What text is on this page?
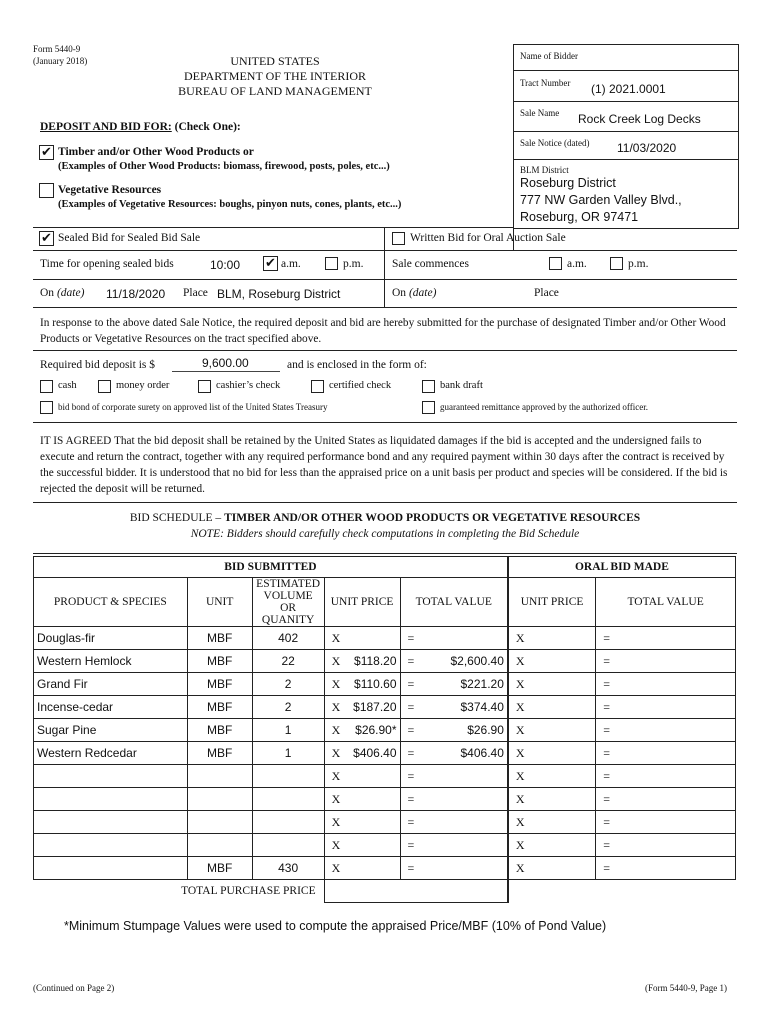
Form 5440-9
(January 2018)	UNITED STATES
DEPARTMENT OF THE INTERIOR
BUREAU OF LAND MANAGEMENT
Name of Bidder
Tract Number (1) 2021.0001
Sale Name Rock Creek Log Decks
Sale Notice (dated) 11/03/2020
BLM District
Roseburg District
777 NW Garden Valley Blvd.,
Roseburg, OR 97471
DEPOSIT AND BID FOR: (Check One):
✔ Timber and/or Other Wood Products or
(Examples of Other Wood Products: biomass, firewood, posts, poles, etc...)
Vegetative Resources
(Examples of Vegetative Resources: boughs, pinyon nuts, cones, plants, etc...)
✔ Sealed Bid for Sealed Bid Sale	Written Bid for Oral Auction Sale
Time for opening sealed bids	10:00 ✔ a.m.	p.m. Sale commences	a.m.	p.m.
On (date) 11/18/2020 Place BLM, Roseburg District	On (date)	Place
In response to the above dated Sale Notice, the required deposit and bid are hereby submitted for the purchase of designated Timber and/or Other Wood Products or Vegetative Resources on the tract specified above.
Required bid deposit is $	9,600.00	and is enclosed in the form of:
cash	money order	cashier’s check	certified check	bank draft
bid bond of corporate surety on approved list of the United States Treasury	guaranteed remittance approved by the authorized officer.
IT IS AGREED That the bid deposit shall be retained by the United States as liquidated damages if the bid is accepted and the undersigned fails to execute and return the contract, together with any required performance bond and any required payment within 30 days after the contract is received by the successful bidder. It is understood that no bid for less than the appraised price on a unit basis per product and species will be considered. If the bid is rejected the deposit will be returned.
BID SCHEDULE – TIMBER AND/OR OTHER WOOD PRODUCTS OR VEGETATIVE RESOURCES
NOTE: Bidders should carefully check computations in completing the Bid Schedule
BID SUBMITTED					ORAL BID MADE	
PRODUCT & SPECIES	UNIT	ESTIMATED
VOLUME
OR QUANITY	UNIT PRICE	TOTAL VALUE	UNIT PRICE	TOTAL VALUE
Douglas-fir	MBF	402	X	=	X	=

Western Hemlock	MBF	22	X $118.20	= $2,600.40	X	=

Grand Fir	MBF	2	X $110.60	= $221.20	X	=

Incense-cedar	MBF	2	X $187.20	= $374.40	X	=

Sugar Pine	MBF	1	X $26.90*	= $26.90	X	=

Western Redcedar	MBF	1	X $406.40	= $406.40	X	=

			X	=	X	=

			X	=	X	=

			X	=	X	=

			X	=	X	=

	MBF	430	X	=	X	=

TOTAL PURCHASE PRICE						
*Minimum Stumpage Values were used to compute the appraised Price/MBF (10% of Pond Value)
(Continued on Page 2)	(Form 5440-9, Page 1)
